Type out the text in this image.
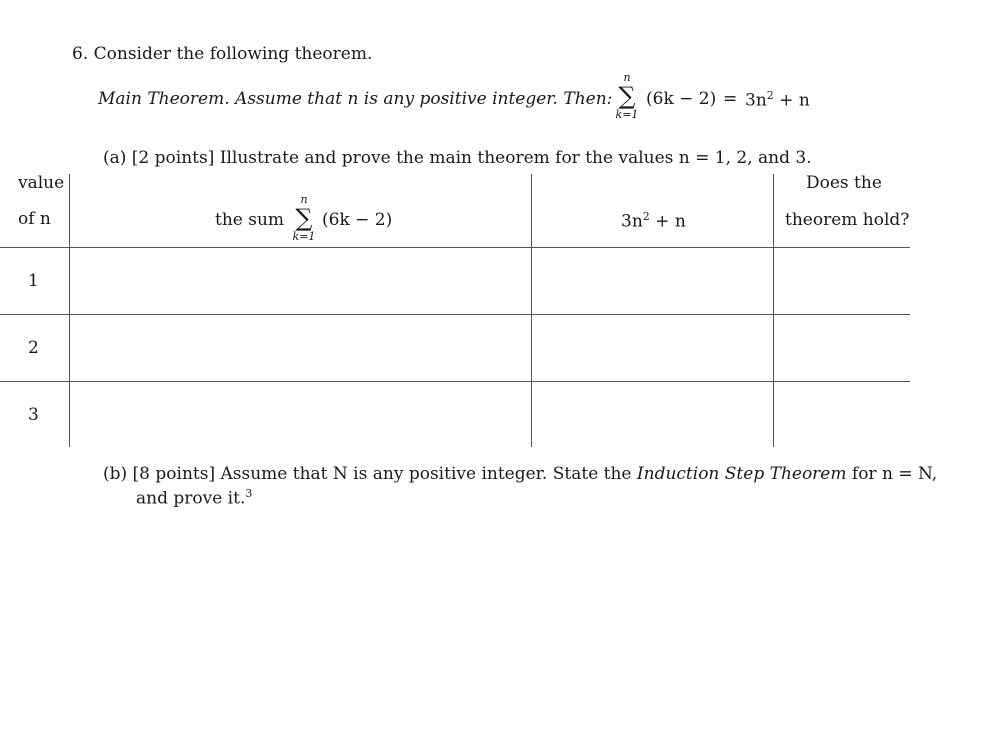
6. Consider the following theorem.
Main Theorem. Assume that n is any positive integer. Then:
n
∑
k=1
$(6k - 2) = 3n^2 + n$
(a) [2 points] Illustrate and prove the main theorem for the values n = 1, 2, and 3.
value
of n	the sum
n
∑
k=1
(6k − 2)	$3n^2 + n$
Does the
theorem hold?
1
2
3
(b) [8 points] Assume that N is any positive integer. State the Induction Step Theorem for n = N,
and prove it.$^3$
